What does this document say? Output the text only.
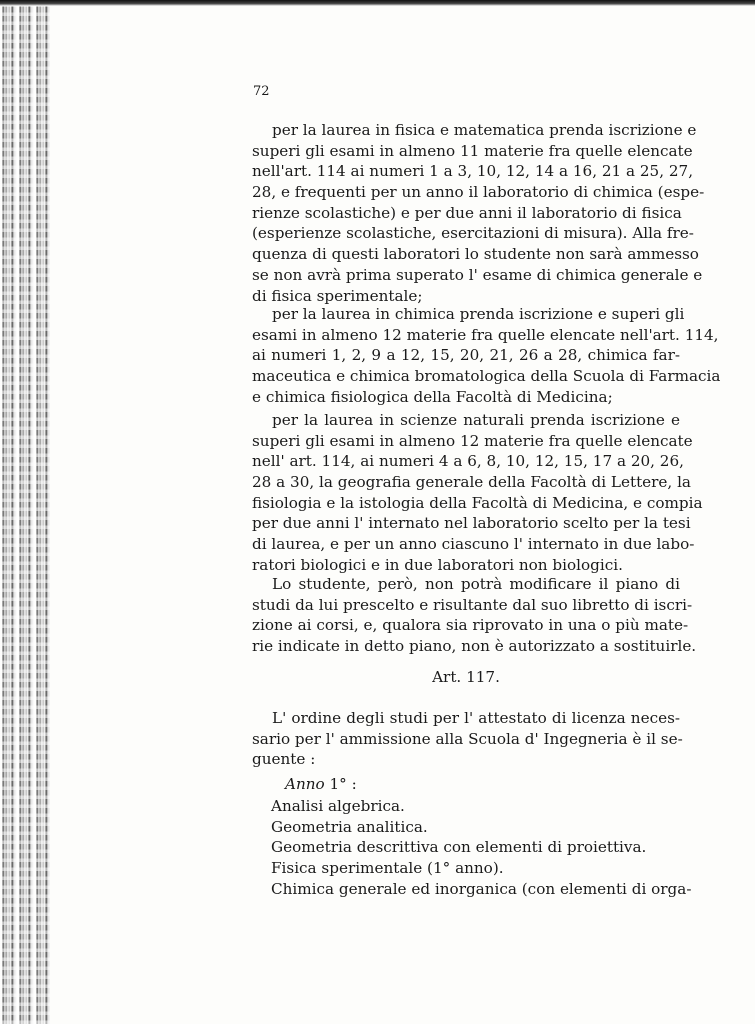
72
per la laurea in fisica e matematica prenda iscrizione e
superi gli esami in almeno 11 materie fra quelle elencate
nell'art. 114 ai numeri 1 a 3, 10, 12, 14 a 16, 21 a 25, 27,
28, e frequenti per un anno il laboratorio di chimica (espe-
rienze scolastiche) e per due anni il laboratorio di fisica
(esperienze scolastiche, esercitazioni di misura). Alla fre-
quenza di questi laboratori lo studente non sarà ammesso
se non avrà prima superato l' esame di chimica generale e
di fisica sperimentale;
per la laurea in chimica prenda iscrizione e superi gli
esami in almeno 12 materie fra quelle elencate nell'art. 114,
ai numeri 1, 2, 9 a 12, 15, 20, 21, 26 a 28, chimica far-
maceutica e chimica bromatologica della Scuola di Farmacia
e chimica fisiologica della Facoltà di Medicina;
per la laurea in scienze naturali prenda iscrizione e
superi gli esami in almeno 12 materie fra quelle elencate
nell' art. 114, ai numeri 4 a 6, 8, 10, 12, 15, 17 a 20, 26,
28 a 30, la geografia generale della Facoltà di Lettere, la
fisiologia e la istologia della Facoltà di Medicina, e compia
per due anni l' internato nel laboratorio scelto per la tesi
di laurea, e per un anno ciascuno l' internato in due labo-
ratori biologici e in due laboratori non biologici.
Lo studente, però, non potrà modificare il piano di
studi da lui prescelto e risultante dal suo libretto di iscri-
zione ai corsi, e, qualora sia riprovato in una o più mate-
rie indicate in detto piano, non è autorizzato a sostituirle.
Art. 117.
L' ordine degli studi per l' attestato di licenza neces-
sario per l' ammissione alla Scuola d' Ingegneria è il se-
guente :
Anno 1° :
Analisi algebrica.
Geometria analitica.
Geometria descrittiva con elementi di proiettiva.
Fisica sperimentale (1° anno).
Chimica generale ed inorganica (con elementi di orga-
